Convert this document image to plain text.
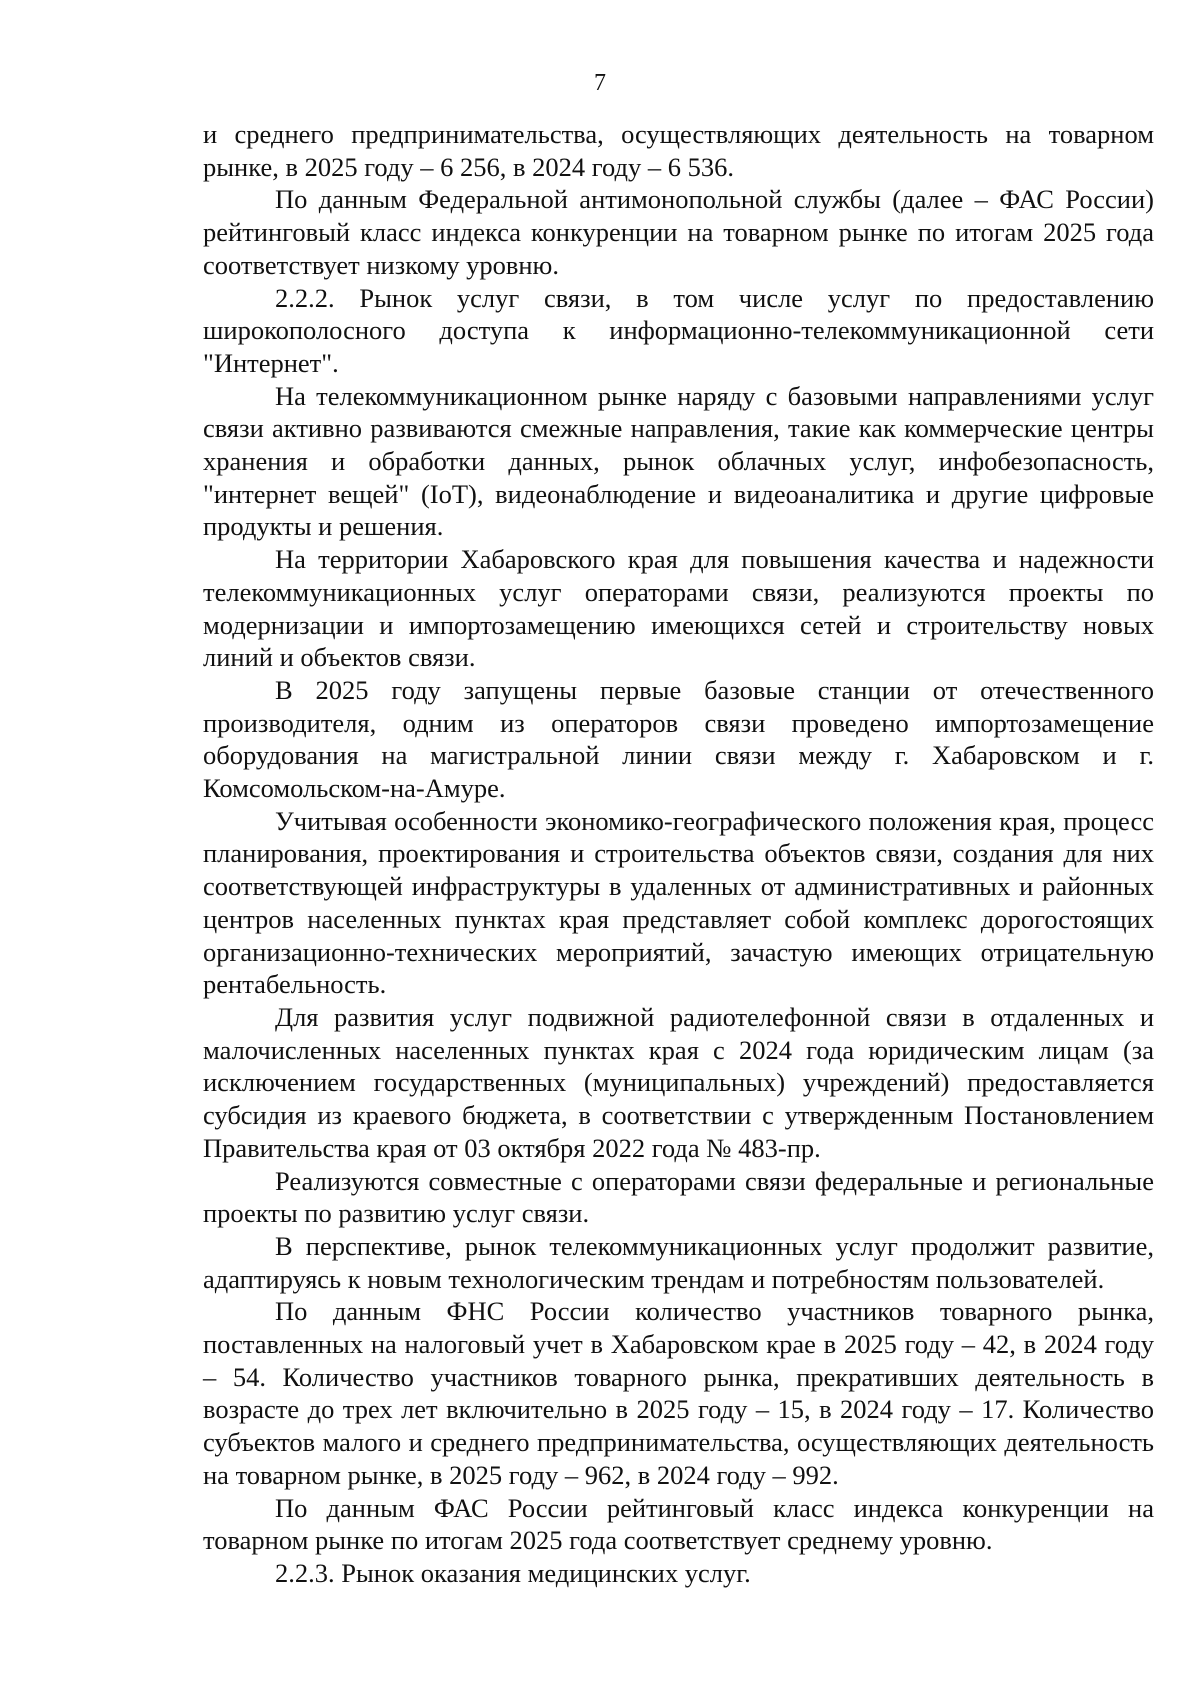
7

и среднего предпринимательства, осуществляющих деятельность на товарном рынке, в 2025 году – 6 256, в 2024 году – 6 536.

По данным Федеральной антимонопольной службы (далее – ФАС России) рейтинговый класс индекса конкуренции на товарном рынке по итогам 2025 года соответствует низкому уровню.

2.2.2. Рынок услуг связи, в том числе услуг по предоставлению широкополосного доступа к информационно-телекоммуникационной сети "Интернет".

На телекоммуникационном рынке наряду с базовыми направлениями услуг связи активно развиваются смежные направления, такие как коммерческие центры хранения и обработки данных, рынок облачных услуг, инфобезопасность, "интернет вещей" (IoT), видеонаблюдение и видеоаналитика и другие цифровые продукты и решения.

На территории Хабаровского края для повышения качества и надежности телекоммуникационных услуг операторами связи, реализуются проекты по модернизации и импортозамещению имеющихся сетей и строительству новых линий и объектов связи.

В 2025 году запущены первые базовые станции от отечественного производителя, одним из операторов связи проведено импортозамещение оборудования на магистральной линии связи между г. Хабаровском и г. Комсомольском-на-Амуре.

Учитывая особенности экономико-географического положения края, процесс планирования, проектирования и строительства объектов связи, создания для них соответствующей инфраструктуры в удаленных от административных и районных центров населенных пунктах края представляет собой комплекс дорогостоящих организационно-технических мероприятий, зачастую имеющих отрицательную рентабельность.

Для развития услуг подвижной радиотелефонной связи в отдаленных и малочисленных населенных пунктах края с 2024 года юридическим лицам (за исключением государственных (муниципальных) учреждений) предоставляется субсидия из краевого бюджета, в соответствии с утвержденным Постановлением Правительства края от 03 октября 2022 года № 483-пр.

Реализуются совместные с операторами связи федеральные и региональные проекты по развитию услуг связи.

В перспективе, рынок телекоммуникационных услуг продолжит развитие, адаптируясь к новым технологическим трендам и потребностям пользователей.

По данным ФНС России количество участников товарного рынка, поставленных на налоговый учет в Хабаровском крае в 2025 году – 42, в 2024 году – 54. Количество участников товарного рынка, прекративших деятельность в возрасте до трех лет включительно в 2025 году – 15, в 2024 году – 17. Количество субъектов малого и среднего предпринимательства, осуществляющих деятельность на товарном рынке, в 2025 году – 962, в 2024 году – 992.

По данным ФАС России рейтинговый класс индекса конкуренции на товарном рынке по итогам 2025 года соответствует среднему уровню.

2.2.3. Рынок оказания медицинских услуг.
